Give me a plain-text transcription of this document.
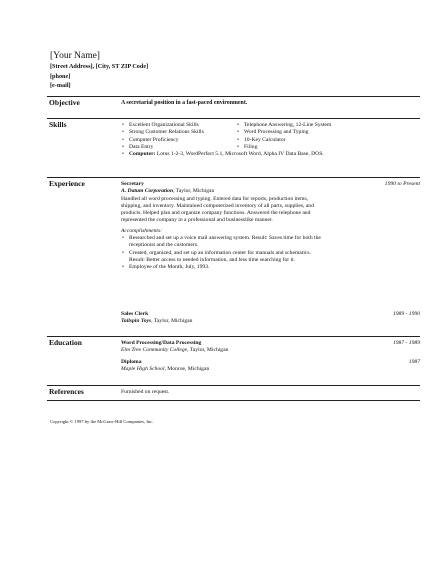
[Your Name]
[Street Address], [City, ST ZIP Code]
[phone]
[e-mail]
Objective	A secretarial position in a fast-paced environment.
Skills
•	Excellent Organizational Skills
• Strong Customer Relations Skills
• Computer Proficiency
• Data Entry
• Telephone Answering, 12-Line System
• Word Processing and Typing
• 10-Key Calculator
• Filing
• Computer: Lotus 1-2-3, WordPerfect 5.1, Microsoft Word, Alpha IV Data Base, DOS.
Experience	1990 to Present
Secretary
A. Datum Corporation, Taylor, Michigan
Handled all word processing and typing. Entered data for reports, production items, shipping, and inventory. Maintained computerized inventory of all parts, supplies, and products. Helped plan and organize company functions. Answered the telephone and represented the company in a professional and businesslike manner.
Accomplishments:
• Researched and set up a voice mail answering system. Result: Saves time for both the receptionist and the customers.
• Created, organized, and set up an information center for manuals and schematics. Result: Better access to needed information, and less time searching for it.
• Employee of the Month, July, 1993.
1989 - 1990
Sales Clerk
Tailspin Toys, Taylor, Michigan
Education	1987 - 1989
Word Processing/Data Processing
Elm Tree Community College, Taylor, Michigan
1987
Diploma
Maple High School, Monroe, Michigan
References	Furnished on request.
Copyright © 1997 by the McGraw-Hill Companies, Inc.
